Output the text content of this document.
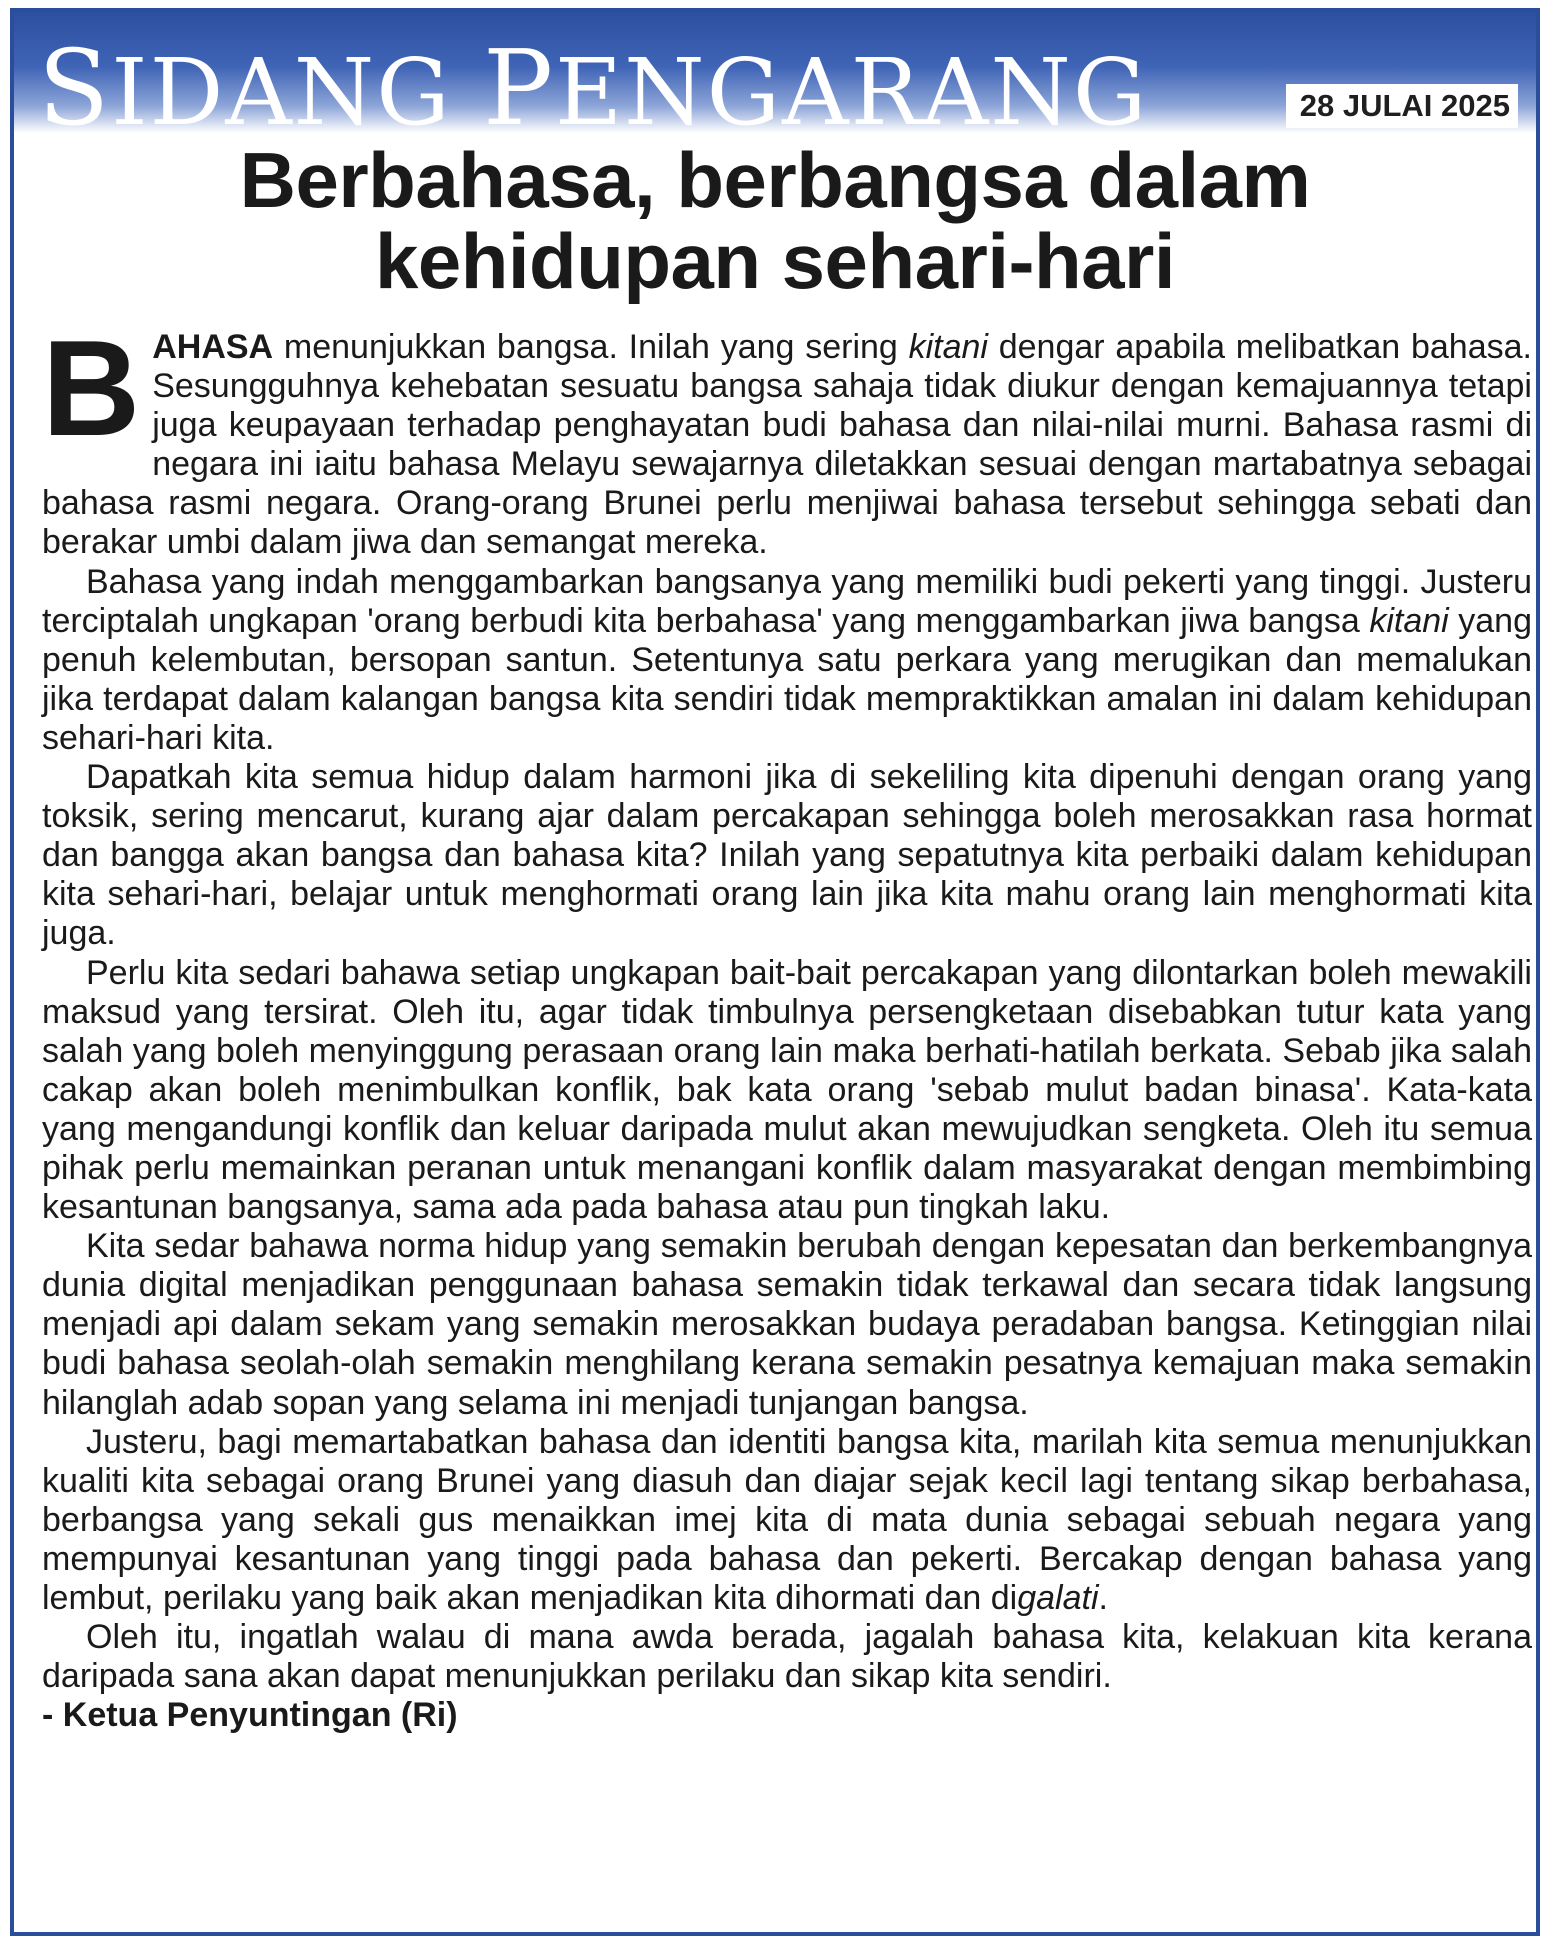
SIDANG PENGARANG	28 JULAI 2025
Berbahasa, berbangsa dalam
kehidupan sehari-hari

BAHASA menunjukkan bangsa. Inilah yang sering kitani dengar apabila melibatkan bahasa. Sesungguhnya kehebatan sesuatu bangsa sahaja tidak diukur dengan kemajuannya tetapi juga keupayaan terhadap penghayatan budi bahasa dan nilai-nilai murni. Bahasa rasmi di negara ini iaitu bahasa Melayu sewajarnya diletakkan sesuai dengan martabatnya sebagai bahasa rasmi negara. Orang-orang Brunei perlu menjiwai bahasa tersebut sehingga sebati dan berakar umbi dalam jiwa dan semangat mereka.

Bahasa yang indah menggambarkan bangsanya yang memiliki budi pekerti yang tinggi. Justeru terciptalah ungkapan 'orang berbudi kita berbahasa' yang menggambarkan jiwa bangsa kitani yang penuh kelembutan, bersopan santun. Setentunya satu perkara yang merugikan dan memalukan jika terdapat dalam kalangan bangsa kita sendiri tidak mempraktikkan amalan ini dalam kehidupan sehari-hari kita.

Dapatkah kita semua hidup dalam harmoni jika di sekeliling kita dipenuhi dengan orang yang toksik, sering mencarut, kurang ajar dalam percakapan sehingga boleh merosakkan rasa hormat dan bangga akan bangsa dan bahasa kita? Inilah yang sepatutnya kita perbaiki dalam kehidupan kita sehari-hari, belajar untuk menghormati orang lain jika kita mahu orang lain menghormati kita juga.

Perlu kita sedari bahawa setiap ungkapan bait-bait percakapan yang dilontarkan boleh mewakili maksud yang tersirat. Oleh itu, agar tidak timbulnya persengketaan disebabkan tutur kata yang salah yang boleh menyinggung perasaan orang lain maka berhati-hatilah berkata. Sebab jika salah cakap akan boleh menimbulkan konflik, bak kata orang 'sebab mulut badan binasa'. Kata-kata yang mengandungi konflik dan keluar daripada mulut akan mewujudkan sengketa. Oleh itu semua pihak perlu memainkan peranan untuk menangani konflik dalam masyarakat dengan membimbing kesantunan bangsanya, sama ada pada bahasa atau pun tingkah laku.

Kita sedar bahawa norma hidup yang semakin berubah dengan kepesatan dan berkembangnya dunia digital menjadikan penggunaan bahasa semakin tidak terkawal dan secara tidak langsung menjadi api dalam sekam yang semakin merosakkan budaya peradaban bangsa. Ketinggian nilai budi bahasa seolah-olah semakin menghilang kerana semakin pesatnya kemajuan maka semakin hilanglah adab sopan yang selama ini menjadi tunjangan bangsa.

Justeru, bagi memartabatkan bahasa dan identiti bangsa kita, marilah kita semua menunjukkan kualiti kita sebagai orang Brunei yang diasuh dan diajar sejak kecil lagi tentang sikap berbahasa, berbangsa yang sekali gus menaikkan imej kita di mata dunia sebagai sebuah negara yang mempunyai kesantunan yang tinggi pada bahasa dan pekerti. Bercakap dengan bahasa yang lembut, perilaku yang baik akan menjadikan kita dihormati dan digalati.

Oleh itu, ingatlah walau di mana awda berada, jagalah bahasa kita, kelakuan kita kerana daripada sana akan dapat menunjukkan perilaku dan sikap kita sendiri.

- Ketua Penyuntingan (Ri)
